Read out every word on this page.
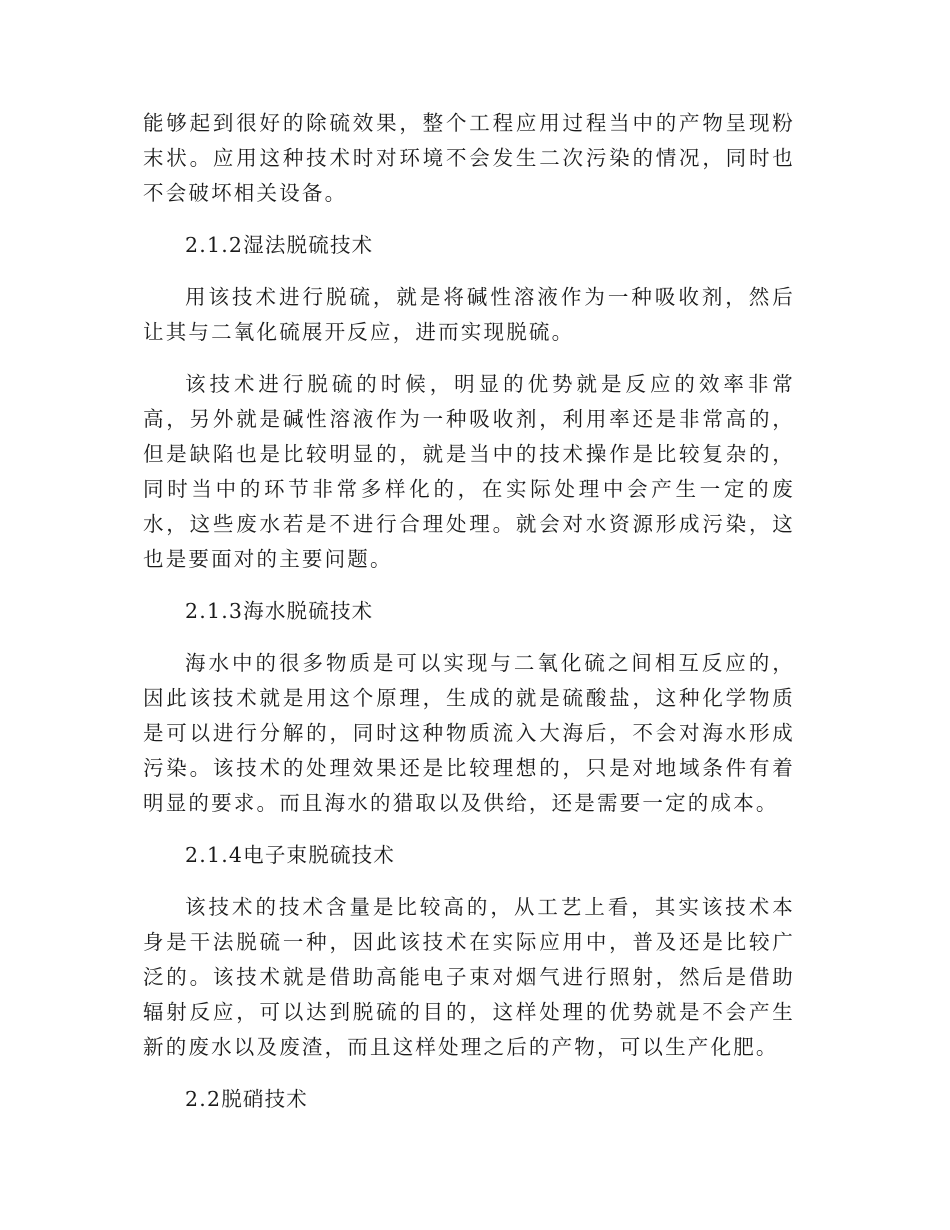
能够起到很好的除硫效果，整个工程应用过程当中的产物呈现粉末状。应用这种技术时对环境不会发生二次污染的情况，同时也不会破坏相关设备。

2.1.2湿法脱硫技术

用该技术进行脱硫，就是将碱性溶液作为一种吸收剂，然后让其与二氧化硫展开反应，进而实现脱硫。

该技术进行脱硫的时候，明显的优势就是反应的效率非常高，另外就是碱性溶液作为一种吸收剂，利用率还是非常高的，但是缺陷也是比较明显的，就是当中的技术操作是比较复杂的，同时当中的环节非常多样化的，在实际处理中会产生一定的废水，这些废水若是不进行合理处理。就会对水资源形成污染，这也是要面对的主要问题。

2.1.3海水脱硫技术

海水中的很多物质是可以实现与二氧化硫之间相互反应的，因此该技术就是用这个原理，生成的就是硫酸盐，这种化学物质是可以进行分解的，同时这种物质流入大海后，不会对海水形成污染。该技术的处理效果还是比较理想的，只是对地域条件有着明显的要求。而且海水的猎取以及供给，还是需要一定的成本。

2.1.4电子束脱硫技术

该技术的技术含量是比较高的，从工艺上看，其实该技术本身是干法脱硫一种，因此该技术在实际应用中，普及还是比较广泛的。该技术就是借助高能电子束对烟气进行照射，然后是借助辐射反应，可以达到脱硫的目的，这样处理的优势就是不会产生新的废水以及废渣，而且这样处理之后的产物，可以生产化肥。

2.2脱硝技术
